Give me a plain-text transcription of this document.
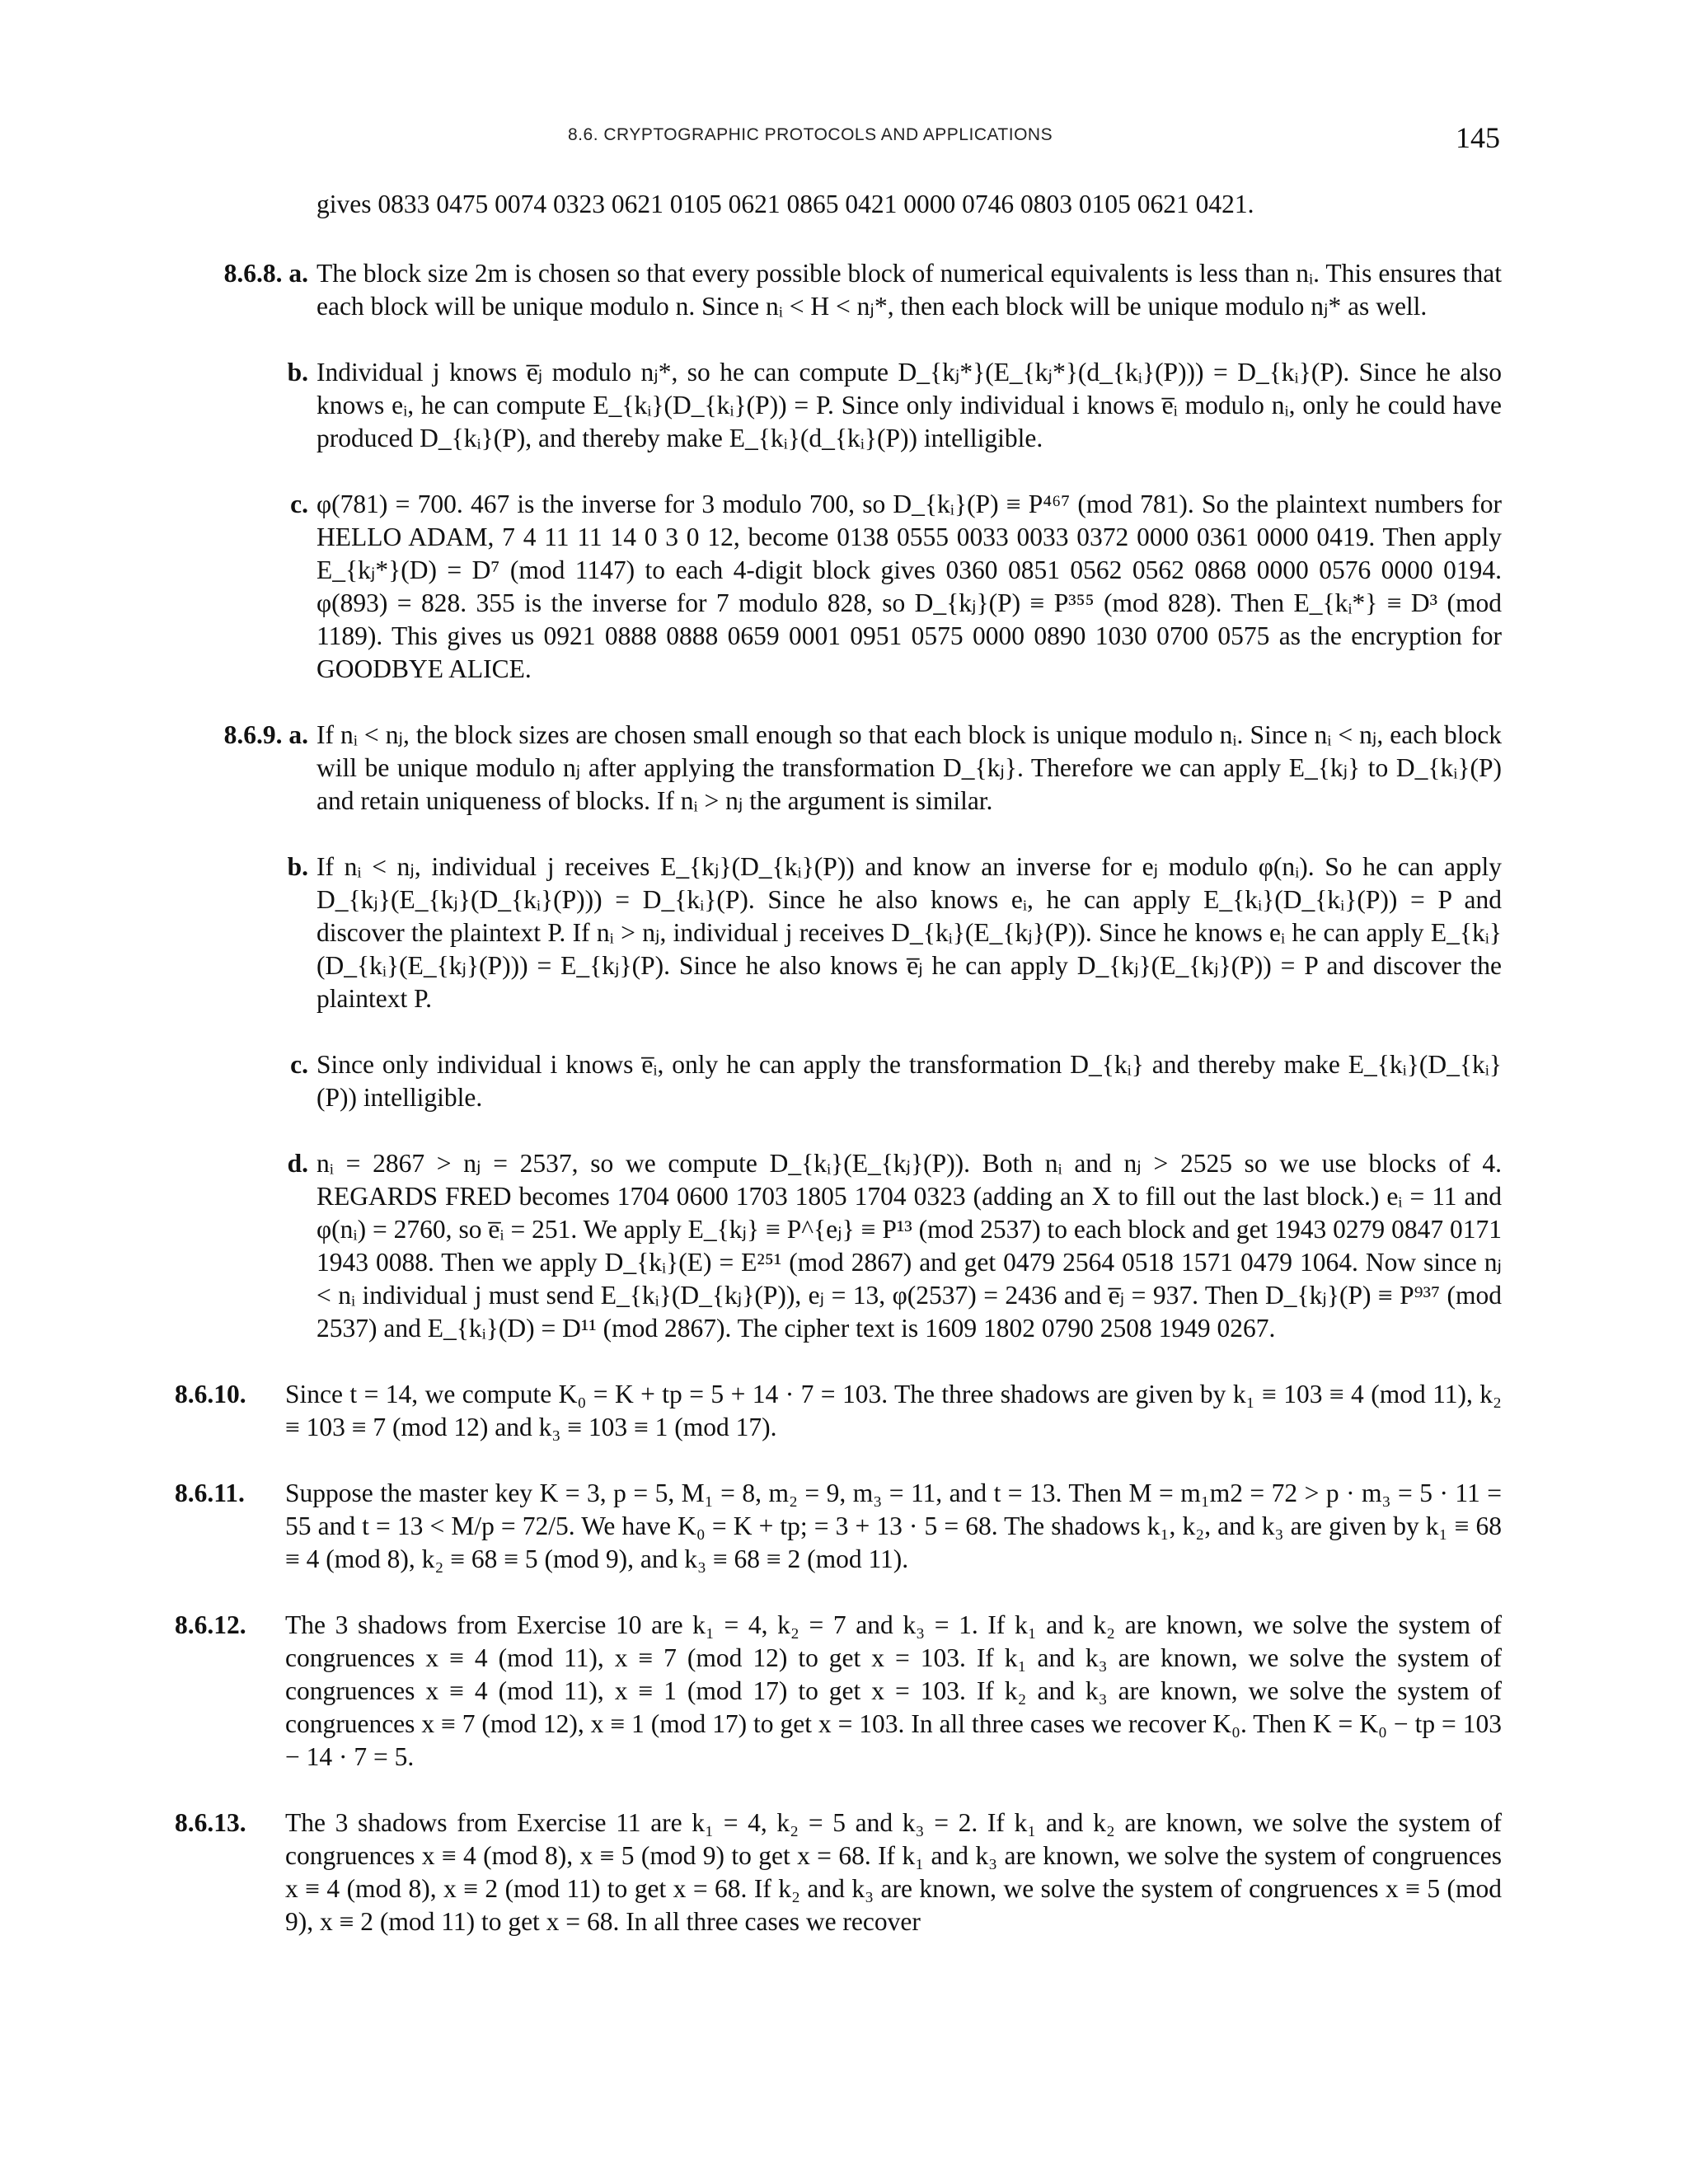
8.6. CRYPTOGRAPHIC PROTOCOLS AND APPLICATIONS	145
gives 0833 0475 0074 0323 0621 0105 0621 0865 0421 0000 0746 0803 0105 0621 0421.
8.6.8. a. The block size 2m is chosen so that every possible block of numerical equivalents is less than nᵢ. This ensures that each block will be unique modulo n. Since nᵢ < H < nⱼ*, then each block will be unique modulo nⱼ* as well.
b. Individual j knows e̅ⱼ modulo nⱼ*, so he can compute D_{kⱼ*}(E_{kⱼ*}(d_{kᵢ}(P))) = D_{kᵢ}(P). Since he also knows eᵢ, he can compute E_{kᵢ}(D_{kᵢ}(P)) = P. Since only individual i knows e̅ᵢ modulo nᵢ, only he could have produced D_{kᵢ}(P), and thereby make E_{kᵢ}(d_{kᵢ}(P)) intelligible.
c. φ(781) = 700. 467 is the inverse for 3 modulo 700, so D_{kᵢ}(P) ≡ P⁴⁶⁷ (mod 781). So the plaintext numbers for HELLO ADAM, 7 4 11 11 14 0 3 0 12, become 0138 0555 0033 0033 0372 0000 0361 0000 0419. Then apply E_{kⱼ*}(D) = D⁷ (mod 1147) to each 4-digit block gives 0360 0851 0562 0562 0868 0000 0576 0000 0194. φ(893) = 828. 355 is the inverse for 7 modulo 828, so D_{kⱼ}(P) ≡ P³⁵⁵ (mod 828). Then E_{kᵢ*} ≡ D³ (mod 1189). This gives us 0921 0888 0888 0659 0001 0951 0575 0000 0890 1030 0700 0575 as the encryption for GOODBYE ALICE.
8.6.9. a. If nᵢ < nⱼ, the block sizes are chosen small enough so that each block is unique modulo nᵢ. Since nᵢ < nⱼ, each block will be unique modulo nⱼ after applying the transformation D_{kⱼ}. Therefore we can apply E_{kⱼ} to D_{kᵢ}(P) and retain uniqueness of blocks. If nᵢ > nⱼ the argument is similar.
b. If nᵢ < nⱼ, individual j receives E_{kⱼ}(D_{kᵢ}(P)) and know an inverse for eⱼ modulo φ(nᵢ). So he can apply D_{kⱼ}(E_{kⱼ}(D_{kᵢ}(P))) = D_{kᵢ}(P). Since he also knows eᵢ, he can apply E_{kᵢ}(D_{kᵢ}(P)) = P and discover the plaintext P. If nᵢ > nⱼ, individual j receives D_{kᵢ}(E_{kⱼ}(P)). Since he knows eᵢ he can apply E_{kᵢ}(D_{kᵢ}(E_{kⱼ}(P))) = E_{kⱼ}(P). Since he also knows e̅ⱼ he can apply D_{kⱼ}(E_{kⱼ}(P)) = P and discover the plaintext P.
c. Since only individual i knows e̅ᵢ, only he can apply the transformation D_{kᵢ} and thereby make E_{kᵢ}(D_{kᵢ}(P)) intelligible.
d. nᵢ = 2867 > nⱼ = 2537, so we compute D_{kᵢ}(E_{kⱼ}(P)). Both nᵢ and nⱼ > 2525 so we use blocks of 4. REGARDS FRED becomes 1704 0600 1703 1805 1704 0323 (adding an X to fill out the last block.) eᵢ = 11 and φ(nᵢ) = 2760, so e̅ᵢ = 251. We apply E_{kⱼ} ≡ P^{eⱼ} ≡ P¹³ (mod 2537) to each block and get 1943 0279 0847 0171 1943 0088. Then we apply D_{kᵢ}(E) = E²⁵¹ (mod 2867) and get 0479 2564 0518 1571 0479 1064. Now since nⱼ < nᵢ individual j must send E_{kᵢ}(D_{kⱼ}(P)), eⱼ = 13, φ(2537) = 2436 and e̅ⱼ = 937. Then D_{kⱼ}(P) ≡ P⁹³⁷ (mod 2537) and E_{kᵢ}(D) = D¹¹ (mod 2867). The cipher text is 1609 1802 0790 2508 1949 0267.
8.6.10. Since t = 14, we compute K₀ = K + tp = 5 + 14 · 7 = 103. The three shadows are given by k₁ ≡ 103 ≡ 4 (mod 11), k₂ ≡ 103 ≡ 7 (mod 12) and k₃ ≡ 103 ≡ 1 (mod 17).
8.6.11. Suppose the master key K = 3, p = 5, M₁ = 8, m₂ = 9, m₃ = 11, and t = 13. Then M = m₁m2 = 72 > p · m₃ = 5 · 11 = 55 and t = 13 < M/p = 72/5. We have K₀ = K + tp; = 3 + 13 · 5 = 68. The shadows k₁, k₂, and k₃ are given by k₁ ≡ 68 ≡ 4 (mod 8), k₂ ≡ 68 ≡ 5 (mod 9), and k₃ ≡ 68 ≡ 2 (mod 11).
8.6.12. The 3 shadows from Exercise 10 are k₁ = 4, k₂ = 7 and k₃ = 1. If k₁ and k₂ are known, we solve the system of congruences x ≡ 4 (mod 11), x ≡ 7 (mod 12) to get x = 103. If k₁ and k₃ are known, we solve the system of congruences x ≡ 4 (mod 11), x ≡ 1 (mod 17) to get x = 103. If k₂ and k₃ are known, we solve the system of congruences x ≡ 7 (mod 12), x ≡ 1 (mod 17) to get x = 103. In all three cases we recover K₀. Then K = K₀ − tp = 103 − 14 · 7 = 5.
8.6.13. The 3 shadows from Exercise 11 are k₁ = 4, k₂ = 5 and k₃ = 2. If k₁ and k₂ are known, we solve the system of congruences x ≡ 4 (mod 8), x ≡ 5 (mod 9) to get x = 68. If k₁ and k₃ are known, we solve the system of congruences x ≡ 4 (mod 8), x ≡ 2 (mod 11) to get x = 68. If k₂ and k₃ are known, we solve the system of congruences x ≡ 5 (mod 9), x ≡ 2 (mod 11) to get x = 68. In all three cases we recover
